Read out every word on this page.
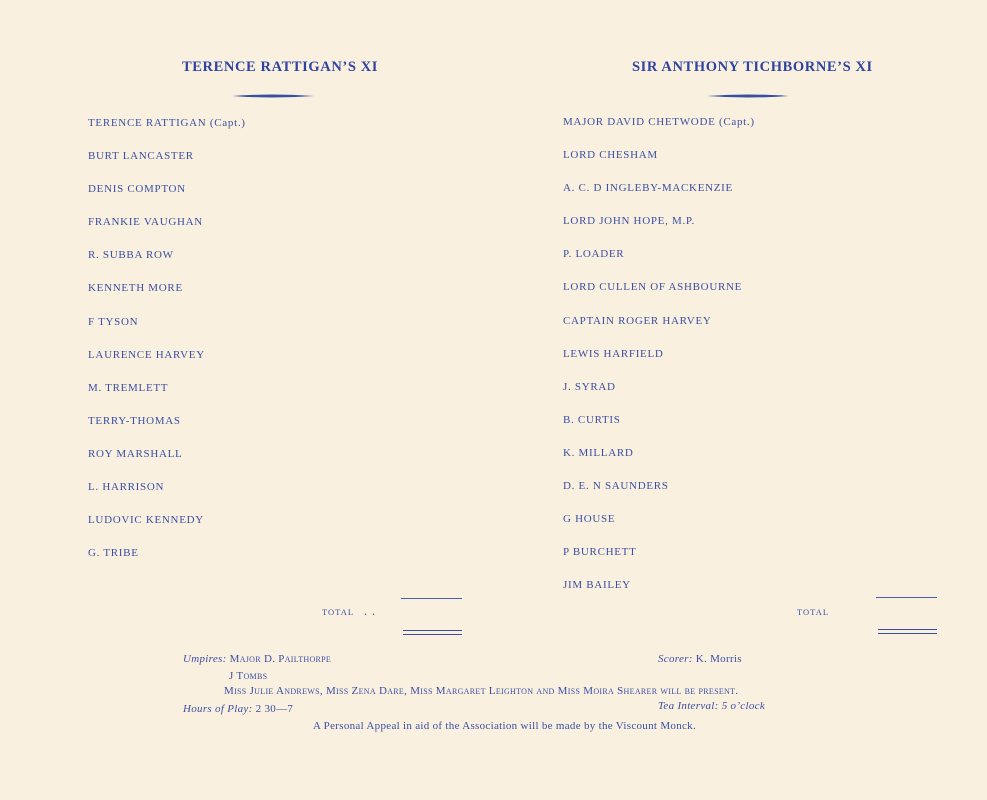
TERENCE RATTIGAN’S XI
TERENCE RATTIGAN (Capt.)
BURT LANCASTER
DENIS COMPTON
FRANKIE VAUGHAN
R. SUBBA ROW
KENNETH MORE
F TYSON
LAURENCE HARVEY
M. TREMLETT
TERRY-THOMAS
ROY MARSHALL
L. HARRISON
LUDOVIC KENNEDY
G. TRIBE
SIR ANTHONY TICHBORNE’S XI
MAJOR DAVID CHETWODE (Capt.)
LORD CHESHAM
A. C. D INGLEBY-MACKENZIE
LORD JOHN HOPE, M.P.
P. LOADER
LORD CULLEN OF ASHBOURNE
CAPTAIN ROGER HARVEY
LEWIS HARFIELD
J. SYRAD
B. CURTIS
K. MILLARD
D. E. N SAUNDERS
G HOUSE
P BURCHETT
JIM BAILEY
TOTAL . .	TOTAL
Umpires: Major D. Pailthorpe
J Tombs
Scorer: K. Morris
Miss Julie Andrews, Miss Zena Dare, Miss Margaret Leighton and Miss Moira Shearer will be present.
Hours of Play: 2 30—7	Tea Interval: 5 o’clock
A Personal Appeal in aid of the Association will be made by the Viscount Monck.
